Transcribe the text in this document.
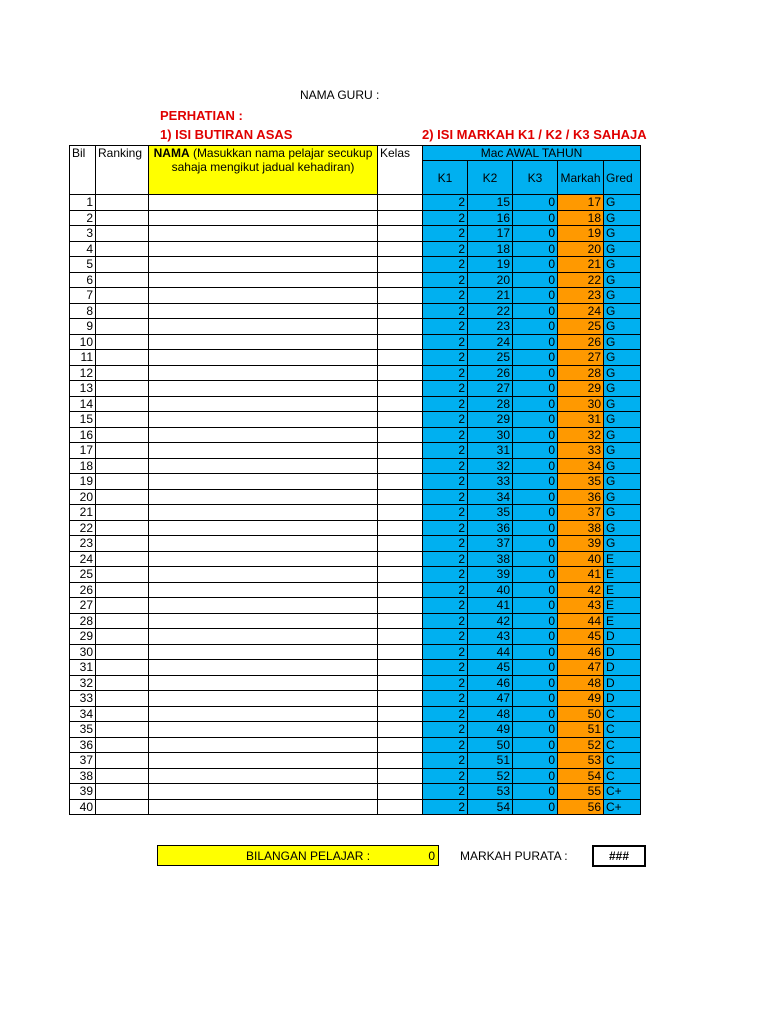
NAMA GURU :
PERHATIAN :
1) ISI BUTIRAN ASAS	2) ISI MARKAH K1 / K2 / K3 SAHAJA
Bil	Ranking	NAMA (Masukkan nama pelajar secukup sahaja mengikut jadual kehadiran)	Kelas	Mac AWAL TAHUN				
				K1	K2	K3	Markah	Gred
1				2	15	0	17	G
2				2	16	0	18	G
3				2	17	0	19	G
4				2	18	0	20	G
5				2	19	0	21	G
6				2	20	0	22	G
7				2	21	0	23	G
8				2	22	0	24	G
9				2	23	0	25	G
10				2	24	0	26	G
11				2	25	0	27	G
12				2	26	0	28	G
13				2	27	0	29	G
14				2	28	0	30	G
15				2	29	0	31	G
16				2	30	0	32	G
17				2	31	0	33	G
18				2	32	0	34	G
19				2	33	0	35	G
20				2	34	0	36	G
21				2	35	0	37	G
22				2	36	0	38	G
23				2	37	0	39	G
24				2	38	0	40	E
25				2	39	0	41	E
26				2	40	0	42	E
27				2	41	0	43	E
28				2	42	0	44	E
29				2	43	0	45	D
30				2	44	0	46	D
31				2	45	0	47	D
32				2	46	0	48	D
33				2	47	0	49	D
34				2	48	0	50	C
35				2	49	0	51	C
36				2	50	0	52	C
37				2	51	0	53	C
38				2	52	0	54	C
39				2	53	0	55	C+
40				2	54	0	56	C+
BILANGAN PELAJAR :	0 MARKAH PURATA :	###
